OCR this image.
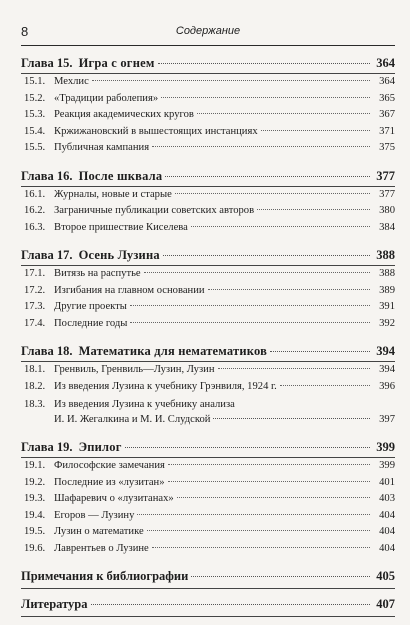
8	Содержание
Глава 15. Игра с огнем	364
15.1. Мехлис	364
15.2. «Традиции раболепия»	365
15.3. Реакция академических кругов	367
15.4. Кржижановский в вышестоящих инстанциях	371
15.5. Публичная кампания	375
Глава 16. После шквала	377
16.1. Журналы, новые и старые	377
16.2. Заграничные публикации советских авторов	380
16.3. Второе пришествие Киселева	384
Глава 17. Осень Лузина	388
17.1. Витязь на распутье	388
17.2. Изгибания на главном основании	389
17.3. Другие проекты	391
17.4. Последние годы	392
Глава 18. Математика для нематематиков	394
18.1. Гренвиль, Гренвиль—Лузин, Лузин	394
18.2. Из введения Лузина к учебнику Грэнвиля, 1924 г.	396
18.3. Из введения Лузина к учебнику анализа
И. И. Жегалкина и М. И. Слудской	397
Глава 19. Эпилог	399
19.1. Философские замечания	399
19.2. Последние из «лузитан»	401
19.3. Шафаревич о «лузитанах»	403
19.4. Егоров — Лузину	404
19.5. Лузин о математике	404
19.6. Лаврентьев о Лузине	404
Примечания к библиографии	405
Литература	407
